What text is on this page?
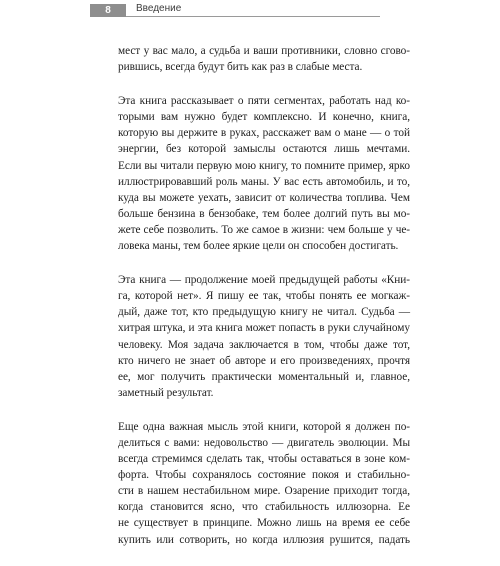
8	Введение

мест у вас мало, а судьба и ваши противники, словно сгово-
рившись, всегда будут бить как раз в слабые места.

Эта книга рассказывает о пяти сегментах, работать над ко-
торыми вам нужно будет комплексно. И конечно, книга,
которую вы держите в руках, расскажет вам о мане — о той
энергии, без которой замыслы остаются лишь мечтами.
Если вы читали первую мою книгу, то помните пример, ярко
иллюстрировавший роль маны. У вас есть автомобиль, и то,
куда вы можете уехать, зависит от количества топлива. Чем
больше бензина в бензобаке, тем более долгий путь вы мо-
жете себе позволить. То же самое в жизни: чем больше у че-
ловека маны, тем более яркие цели он способен достигать.

Эта книга — продолжение моей предыдущей работы «Кни-
га, которой нет». Я пишу ее так, чтобы понять ее могкаж-
дый, даже тот, кто предыдущую книгу не читал. Судьба —
хитрая штука, и эта книга может попасть в руки случайному
человеку. Моя задача заключается в том, чтобы даже тот,
кто ничего не знает об авторе и его произведениях, прочтя
ее, мог получить практически моментальный и, главное,
заметный результат.

Еще одна важная мысль этой книги, которой я должен по-
делиться с вами: недовольство — двигатель эволюции. Мы
всегда стремимся сделать так, чтобы оставаться в зоне ком-
форта. Чтобы сохранялось состояние покоя и стабильно-
сти в нашем нестабильном мире. Озарение приходит тогда,
когда становится ясно, что стабильность иллюзорна. Ее
не существует в принципе. Можно лишь на время ее себе
купить или сотворить, но когда иллюзия рушится, падать
